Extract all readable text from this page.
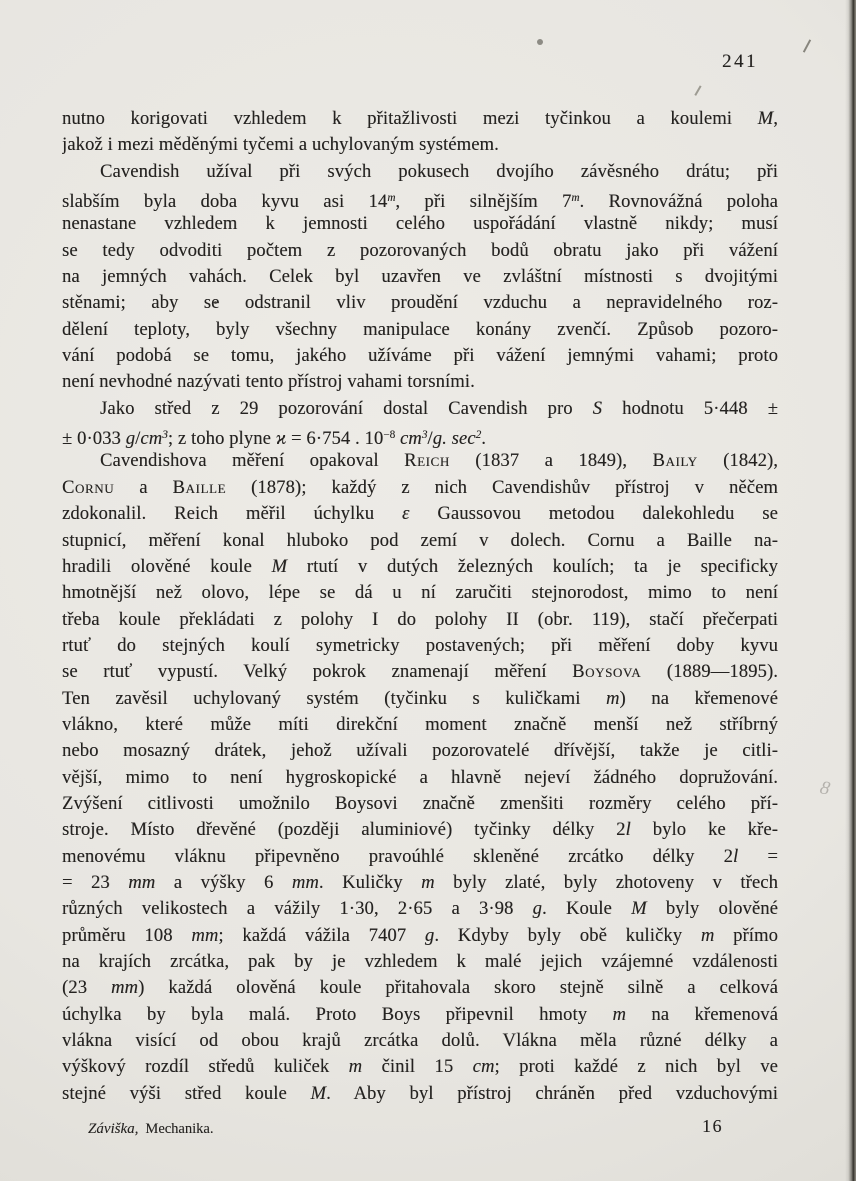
241
8
nutno korigovati vzhledem k přitažlivosti mezi tyčinkou a koulemi M,
jakož i mezi měděnými tyčemi a uchylovaným systémem.
Cavendish užíval při svých pokusech dvojího závěsného drátu; při
slabším byla doba kyvu asi 14$^m$, při silnějším 7$^m$. Rovnovážná poloha
nenastane vzhledem k jemnosti celého uspořádání vlastně nikdy; musí
se tedy odvoditi počtem z pozorovaných bodů obratu jako při vážení
na jemných vahách. Celek byl uzavřen ve zvláštní místnosti s dvojitými
stěnami; aby se odstranil vliv proudění vzduchu a nepravidelného roz-
dělení teploty, byly všechny manipulace konány zvenčí. Způsob pozoro-
vání podobá se tomu, jakého užíváme při vážení jemnými vahami; proto
není nevhodné nazývati tento přístroj vahami torsními.
Jako střed z 29 pozorování dostal Cavendish pro S hodnotu 5·448 ±
± 0·033 $g/cm^3$; z toho plyne ϰ = 6·754 . $10^{-8}$ $cm^3/g$. $\sec^2$.
Cavendishova měření opakoval Reich (1837 a 1849), Baily (1842),
Cornu a Baille (1878); každý z nich Cavendishův přístroj v něčem
zdokonalil. Reich měřil úchylku ε Gaussovou metodou dalekohledu se
stupnicí, měření konal hluboko pod zemí v dolech. Cornu a Baille na-
hradili olověné koule M rtutí v dutých železných koulích; ta je specificky
hmotnější než olovo, lépe se dá u ní zaručiti stejnorodost, mimo to není
třeba koule překládati z polohy I do polohy II (obr. 119), stačí přečerpati
rtuť do stejných koulí symetricky postavených; při měření doby kyvu
se rtuť vypustí. Velký pokrok znamenají měření Boysova (1889—1895).
Ten zavěsil uchylovaný systém (tyčinku s kuličkami m) na křemenové
vlákno, které může míti direkční moment značně menší než stříbrný
nebo mosazný drátek, jehož užívali pozorovatelé dřívější, takže je citli-
vější, mimo to není hygroskopické a hlavně nejeví žádného dopružování.
Zvýšení citlivosti umožnilo Boysovi značně zmenšiti rozměry celého pří-
stroje. Místo dřevěné (později aluminiové) tyčinky délky 2l bylo ke kře-
menovému vláknu připevněno pravoúhlé skleněné zrcátko délky 2l =
= 23 mm a výšky 6 mm. Kuličky m byly zlaté, byly zhotoveny v třech
různých velikostech a vážily 1·30, 2·65 a 3·98 g. Koule M byly olověné
průměru 108 mm; každá vážila 7407 g. Kdyby byly obě kuličky m přímo
na krajích zrcátka, pak by je vzhledem k malé jejich vzájemné vzdálenosti
(23 mm) každá olověná koule přitahovala skoro stejně silně a celková
úchylka by byla malá. Proto Boys připevnil hmoty m na křemenová
vlákna visící od obou krajů zrcátka dolů. Vlákna měla různé délky a
výškový rozdíl středů kuliček m činil 15 cm; proti každé z nich byl ve
stejné výši střed koule M. Aby byl přístroj chráněn před vzduchovými
Záviška, Mechanika.	16
